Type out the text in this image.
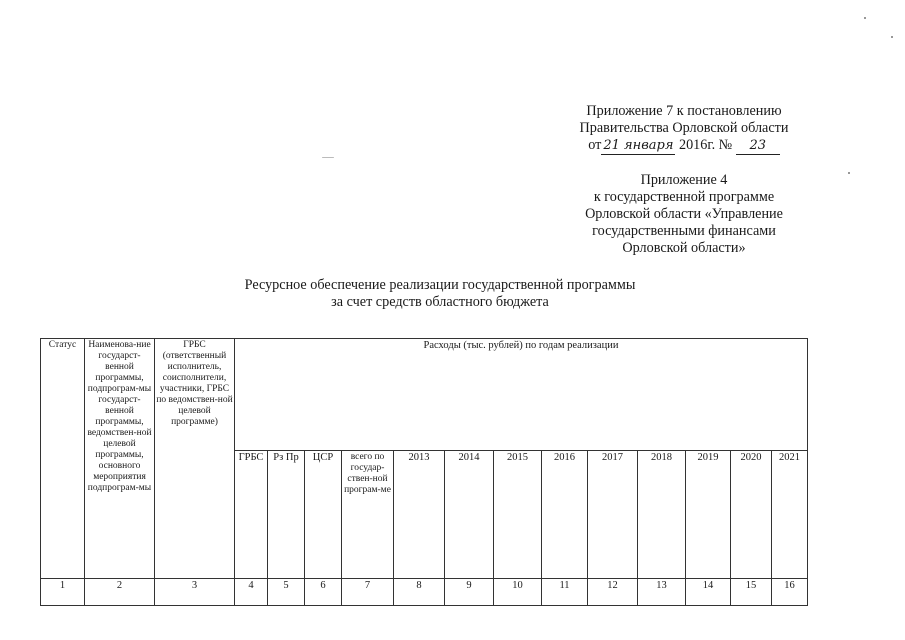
Приложение 7 к постановлению
Правительства Орловской области
от 21 января 2016г. № 23
Приложение 4
к государственной программе
Орловской области «Управление
государственными финансами
Орловской области»
Ресурсное обеспечение реализации государственной программы
за счет средств областного бюджета
Статус	Наименова-ние государст-венной программы, подпрограм-мы государст-венной программы, ведомствен-ной целевой программы, основного мероприятия подпрограм-мы	ГРБС (ответственный исполнитель, соисполнители, участники, ГРБС по ведомствен-ной целевой программе)	Расходы (тыс. рублей) по годам реализации												
			ГРБС	Рз Пр	ЦСР	всего по государ-ствен-ной програм-ме	2013	2014	2015	2016	2017	2018	2019	2020	2021
1	2	3	4	5	6	7	8	9	10	11	12	13	14	15	16
